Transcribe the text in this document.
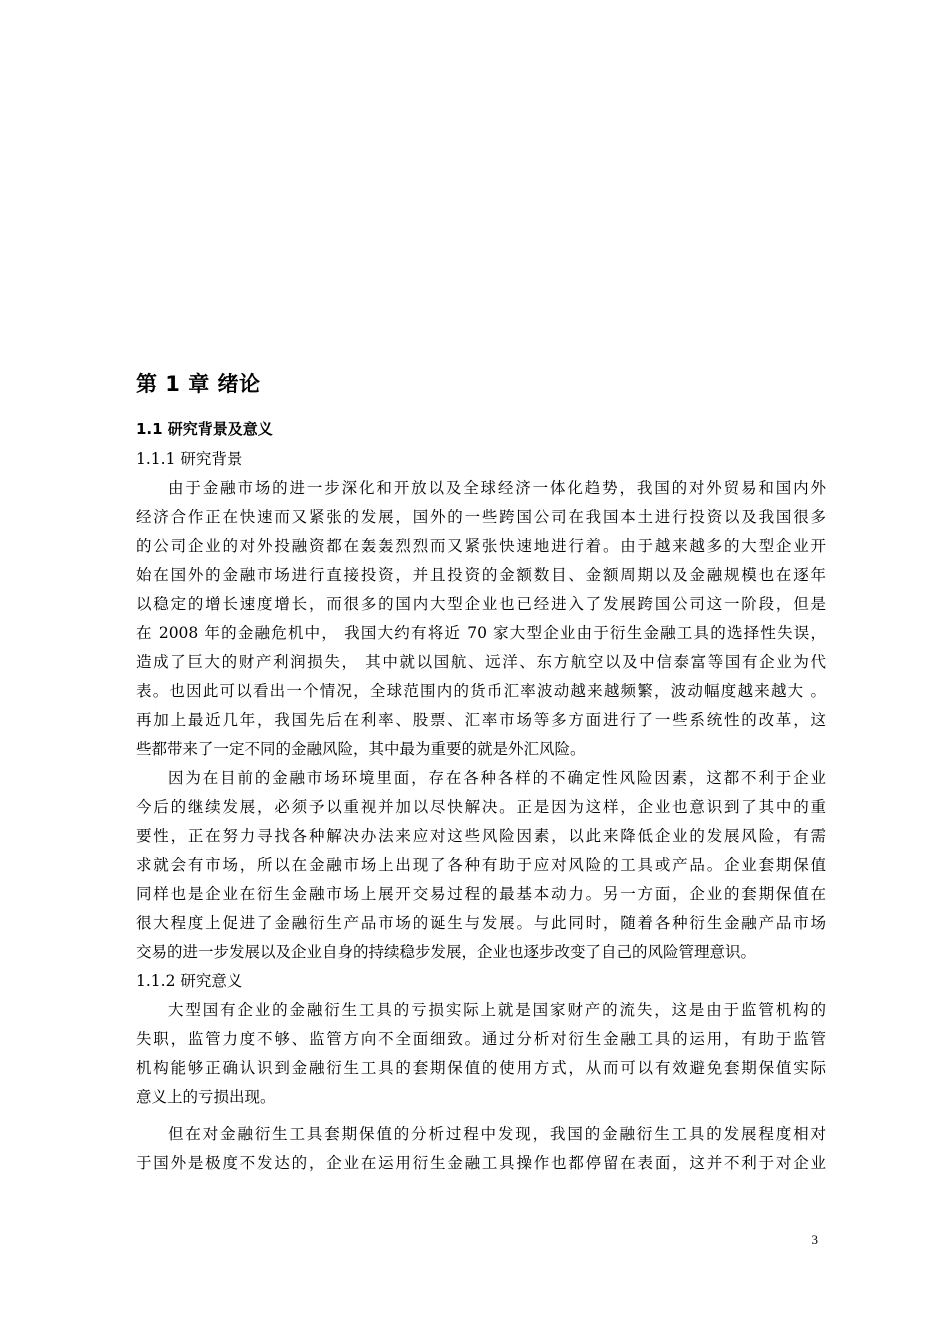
第 1 章 绪论
1.1 研究背景及意义
1.1.1 研究背景
由于金融市场的进一步深化和开放以及全球经济一体化趋势，我国的对外贸易和国内外
经济合作正在快速而又紧张的发展，国外的一些跨国公司在我国本土进行投资以及我国很多
的公司企业的对外投融资都在轰轰烈烈而又紧张快速地进行着。由于越来越多的大型企业开
始在国外的金融市场进行直接投资，并且投资的金额数目、金额周期以及金融规模也在逐年
以稳定的增长速度增长，而很多的国内大型企业也已经进入了发展跨国公司这一阶段，但是
在 2008 年的金融危机中， 我国大约有将近 70 家大型企业由于衍生金融工具的选择性失误，
造成了巨大的财产利润损失， 其中就以国航、远洋、东方航空以及中信泰富等国有企业为代
表。也因此可以看出一个情况，全球范围内的货币汇率波动越来越频繁，波动幅度越来越大 。
再加上最近几年，我国先后在利率、股票、汇率市场等多方面进行了一些系统性的改革，这
些都带来了一定不同的金融风险，其中最为重要的就是外汇风险。
因为在目前的金融市场环境里面，存在各种各样的不确定性风险因素，这都不利于企业
今后的继续发展，必须予以重视并加以尽快解决。正是因为这样，企业也意识到了其中的重
要性，正在努力寻找各种解决办法来应对这些风险因素，以此来降低企业的发展风险，有需
求就会有市场，所以在金融市场上出现了各种有助于应对风险的工具或产品。企业套期保值
同样也是企业在衍生金融市场上展开交易过程的最基本动力。另一方面，企业的套期保值在
很大程度上促进了金融衍生产品市场的诞生与发展。与此同时，随着各种衍生金融产品市场
交易的进一步发展以及企业自身的持续稳步发展，企业也逐步改变了自己的风险管理意识。
1.1.2 研究意义
大型国有企业的金融衍生工具的亏损实际上就是国家财产的流失，这是由于监管机构的
失职，监管力度不够、监管方向不全面细致。通过分析对衍生金融工具的运用，有助于监管
机构能够正确认识到金融衍生工具的套期保值的使用方式，从而可以有效避免套期保值实际
意义上的亏损出现。
但在对金融衍生工具套期保值的分析过程中发现，我国的金融衍生工具的发展程度相对
于国外是极度不发达的，企业在运用衍生金融工具操作也都停留在表面，这并不利于对企业
3
